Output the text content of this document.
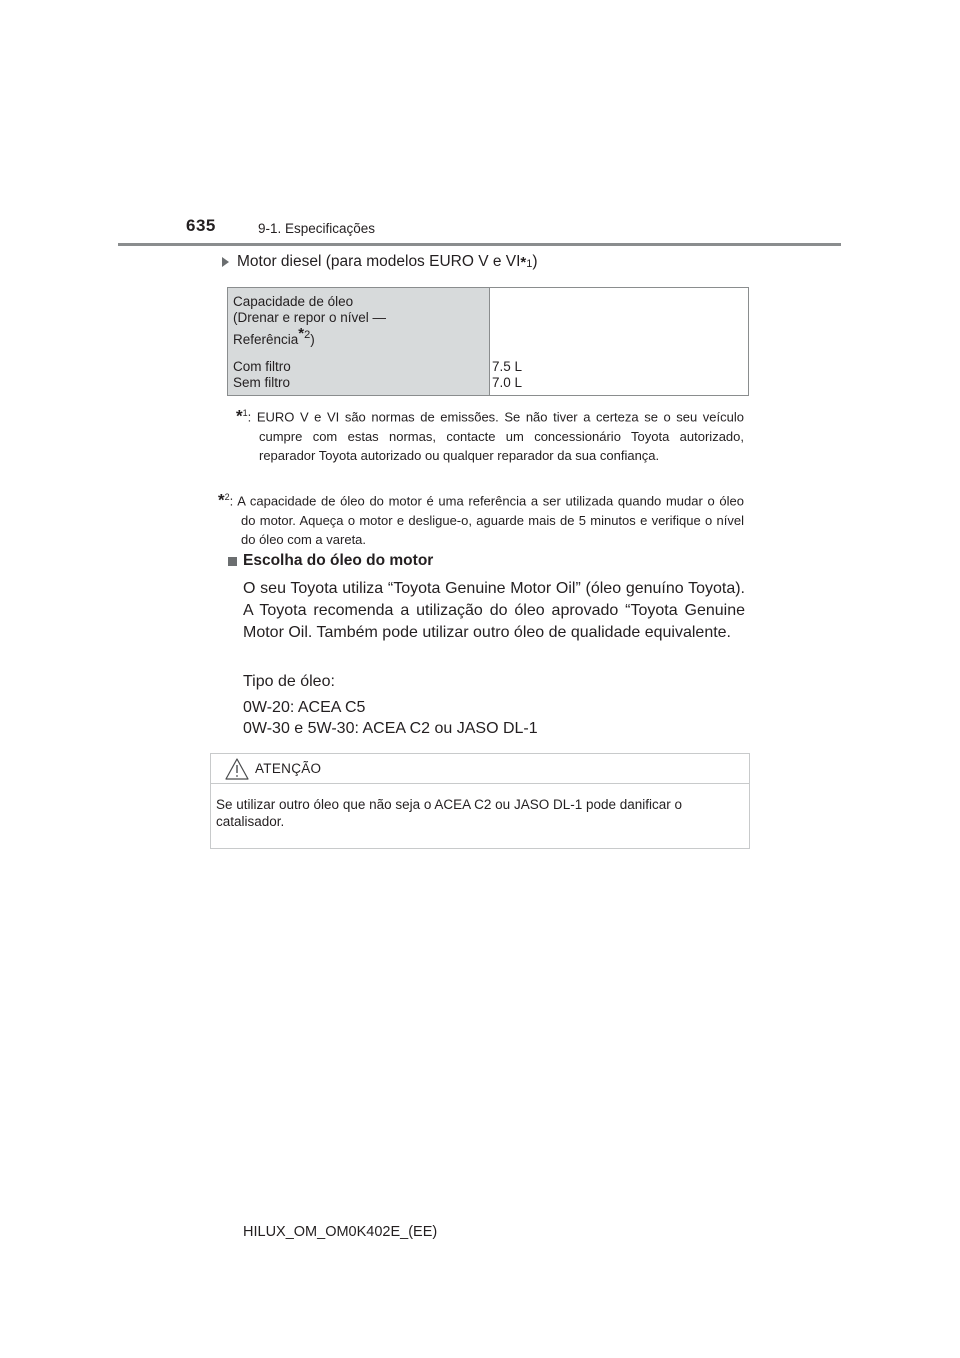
635	9-1. Especificações
Motor diesel (para modelos EURO V e VI *1 )
Capacidade de óleo
(Drenar e repor o nível —
Referência$^{*2}$)
Com filtro
Sem filtro
7.5 L
7.0 L
*$^1$: EURO V e VI são normas de emissões. Se não tiver a certeza se o seu veículo cumpre com estas normas, contacte um concessionário Toyota autorizado, reparador Toyota autorizado ou qualquer reparador da sua confiança.
*$^2$: A capacidade de óleo do motor é uma referência a ser utilizada quando mudar o óleo do motor. Aqueça o motor e desligue-o, aguarde mais de 5 minutos e verifique o nível do óleo com a vareta.
Escolha do óleo do motor
O seu Toyota utiliza “Toyota Genuine Motor Oil” (óleo genuíno Toyota). A Toyota recomenda a utilização do óleo aprovado “Toyota Genuine Motor Oil. Também pode utilizar outro óleo de qualidade equivalente.
Tipo de óleo:
0W-20: ACEA C5
0W-30 e 5W-30: ACEA C2 ou JASO DL-1
ATENÇÃO
Se utilizar outro óleo que não seja o ACEA C2 ou JASO DL-1 pode danificar o catalisador.
HILUX_OM_OM0K402E_(EE)
